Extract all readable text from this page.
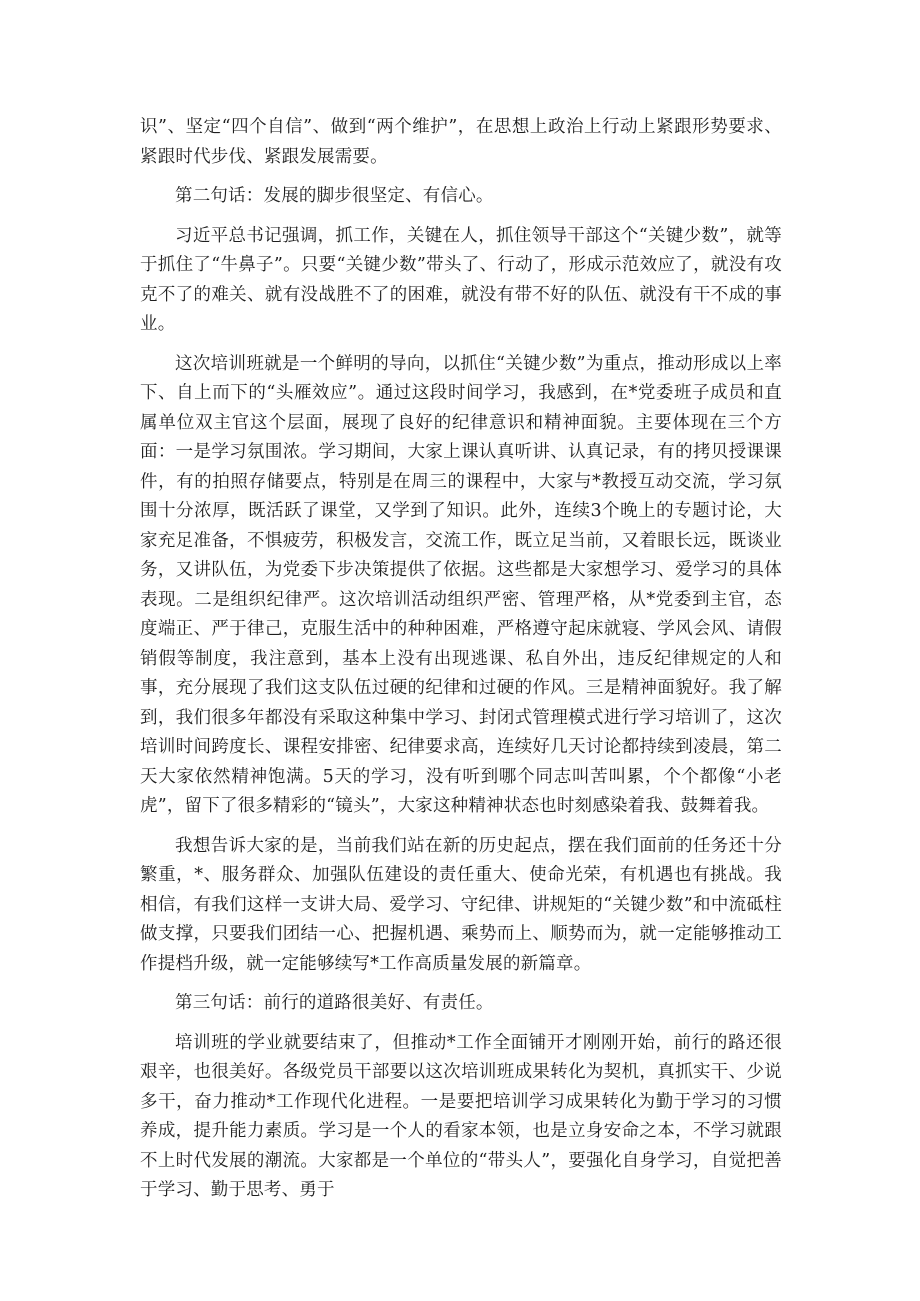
识”、坚定“四个自信”、做到“两个维护”，在思想上政治上行动上紧跟形势要求、紧跟时代步伐、紧跟发展需要。

第二句话：发展的脚步很坚定、有信心。

习近平总书记强调，抓工作，关键在人，抓住领导干部这个“关键少数”，就等于抓住了“牛鼻子”。只要“关键少数”带头了、行动了，形成示范效应了，就没有攻克不了的难关、就有没战胜不了的困难，就没有带不好的队伍、就没有干不成的事业。

这次培训班就是一个鲜明的导向，以抓住“关键少数”为重点，推动形成以上率下、自上而下的“头雁效应”。通过这段时间学习，我感到，在*党委班子成员和直属单位双主官这个层面，展现了良好的纪律意识和精神面貌。主要体现在三个方面：一是学习氛围浓。学习期间，大家上课认真听讲、认真记录，有的拷贝授课课件，有的拍照存储要点，特别是在周三的课程中，大家与*教授互动交流，学习氛围十分浓厚，既活跃了课堂，又学到了知识。此外，连续3个晚上的专题讨论，大家充足准备，不惧疲劳，积极发言，交流工作，既立足当前，又着眼长远，既谈业务，又讲队伍，为党委下步决策提供了依据。这些都是大家想学习、爱学习的具体表现。二是组织纪律严。这次培训活动组织严密、管理严格，从*党委到主官，态度端正、严于律己，克服生活中的种种困难，严格遵守起床就寝、学风会风、请假销假等制度，我注意到，基本上没有出现逃课、私自外出，违反纪律规定的人和事，充分展现了我们这支队伍过硬的纪律和过硬的作风。三是精神面貌好。我了解到，我们很多年都没有采取这种集中学习、封闭式管理模式进行学习培训了，这次培训时间跨度长、课程安排密、纪律要求高，连续好几天讨论都持续到凌晨，第二天大家依然精神饱满。5天的学习，没有听到哪个同志叫苦叫累，个个都像“小老虎”，留下了很多精彩的“镜头”，大家这种精神状态也时刻感染着我、鼓舞着我。

我想告诉大家的是，当前我们站在新的历史起点，摆在我们面前的任务还十分繁重，*、服务群众、加强队伍建设的责任重大、使命光荣，有机遇也有挑战。我相信，有我们这样一支讲大局、爱学习、守纪律、讲规矩的“关键少数”和中流砥柱做支撑，只要我们团结一心、把握机遇、乘势而上、顺势而为，就一定能够推动工作提档升级，就一定能够续写*工作高质量发展的新篇章。

第三句话：前行的道路很美好、有责任。

培训班的学业就要结束了，但推动*工作全面铺开才刚刚开始，前行的路还很艰辛，也很美好。各级党员干部要以这次培训班成果转化为契机，真抓实干、少说多干，奋力推动*工作现代化进程。一是要把培训学习成果转化为勤于学习的习惯养成，提升能力素质。学习是一个人的看家本领，也是立身安命之本，不学习就跟不上时代发展的潮流。大家都是一个单位的“带头人”，要强化自身学习，自觉把善于学习、勤于思考、勇于
